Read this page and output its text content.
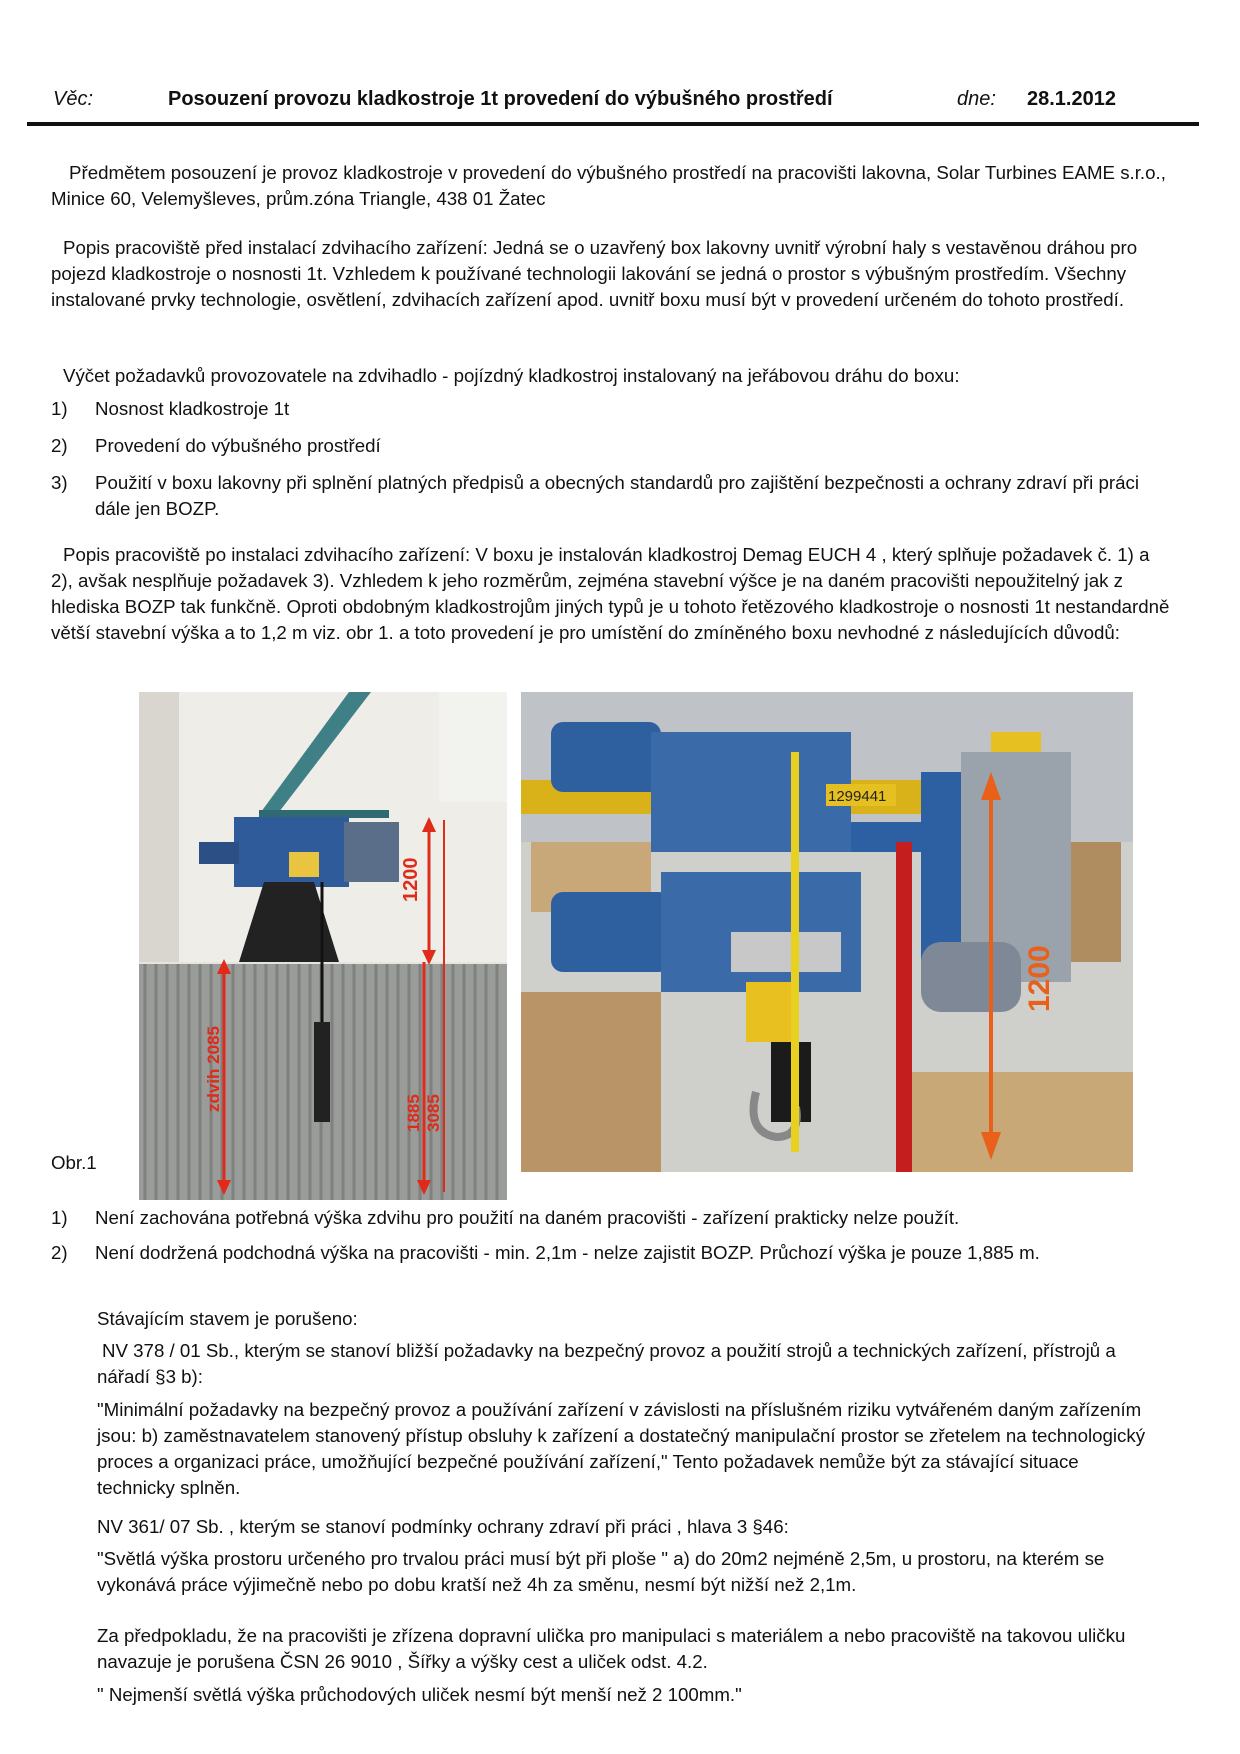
Věc:	Posouzení provozu kladkostroje 1t provedení do výbušného prostředí	dne: 28.1.2012
Předmětem posouzení je provoz kladkostroje v provedení do výbušného prostředí na pracovišti lakovna, Solar Turbines EAME s.r.o., Minice 60, Velemyšleves, prům.zóna Triangle, 438 01 Žatec
Popis pracoviště před instalací zdvihacího zařízení: Jedná se o uzavřený box lakovny uvnitř výrobní haly s vestavěnou dráhou pro pojezd kladkostroje o nosnosti 1t. Vzhledem k používané technologii lakování se jedná o prostor s výbušným prostředím. Všechny instalované prvky technologie, osvětlení, zdvihacích zařízení apod. uvnitř boxu musí být v provedení určeném do tohoto prostředí.
Výčet požadavků provozovatele na zdvihadlo - pojízdný kladkostroj instalovaný na jeřábovou dráhu do boxu:
1) Nosnost kladkostroje 1t
2) Provedení do výbušného prostředí
3) Použití v boxu lakovny při splnění platných předpisů a obecných standardů pro zajištění bezpečnosti a ochrany zdraví při práci dále jen BOZP.
Popis pracoviště po instalaci zdvihacího zařízení: V boxu je instalován kladkostroj Demag EUCH 4 , který splňuje požadavek č. 1) a 2), avšak nesplňuje požadavek 3). Vzhledem k jeho rozměrům, zejména stavební výšce je na daném pracovišti nepoužitelný jak z hlediska BOZP tak funkčně. Oproti obdobným kladkostrojům jiných typů je u tohoto řetězového kladkostroje o nosnosti 1t nestandardně větší stavební výška a to 1,2 m viz. obr 1. a toto provedení je pro umístění do zmíněného boxu nevhodné z následujících důvodů:
1200
zdvih 2085
1885 3085
1299441
1200
Obr.1
1) Není zachována potřebná výška zdvihu pro použití na daném pracovišti - zařízení prakticky nelze použít.
2) Není dodržená podchodná výška na pracovišti - min. 2,1m - nelze zajistit BOZP. Průchozí výška je pouze 1,885 m.
Stávajícím stavem je porušeno:
NV 378 / 01 Sb., kterým se stanoví bližší požadavky na bezpečný provoz a použití strojů a technických zařízení, přístrojů a nářadí §3 b):
"Minimální požadavky na bezpečný provoz a používání zařízení v závislosti na příslušném riziku vytvářeném daným zařízením jsou: b) zaměstnavatelem stanovený přístup obsluhy k zařízení a dostatečný manipulační prostor se zřetelem na technologický proces a organizaci práce, umožňující bezpečné používání zařízení," Tento požadavek nemůže být za stávající situace technicky splněn.
NV 361/ 07 Sb. , kterým se stanoví podmínky ochrany zdraví při práci , hlava 3 §46:
"Světlá výška prostoru určeného pro trvalou práci musí být při ploše " a) do 20m2 nejméně 2,5m, u prostoru, na kterém se vykonává práce výjimečně nebo po dobu kratší než 4h za směnu, nesmí být nižší než 2,1m.
Za předpokladu, že na pracovišti je zřízena dopravní ulička pro manipulaci s materiálem a nebo pracoviště na takovou uličku navazuje je porušena ČSN 26 9010 , Šířky a výšky cest a uliček odst. 4.2.
" Nejmenší světlá výška průchodových uliček nesmí být menší než 2 100mm."
